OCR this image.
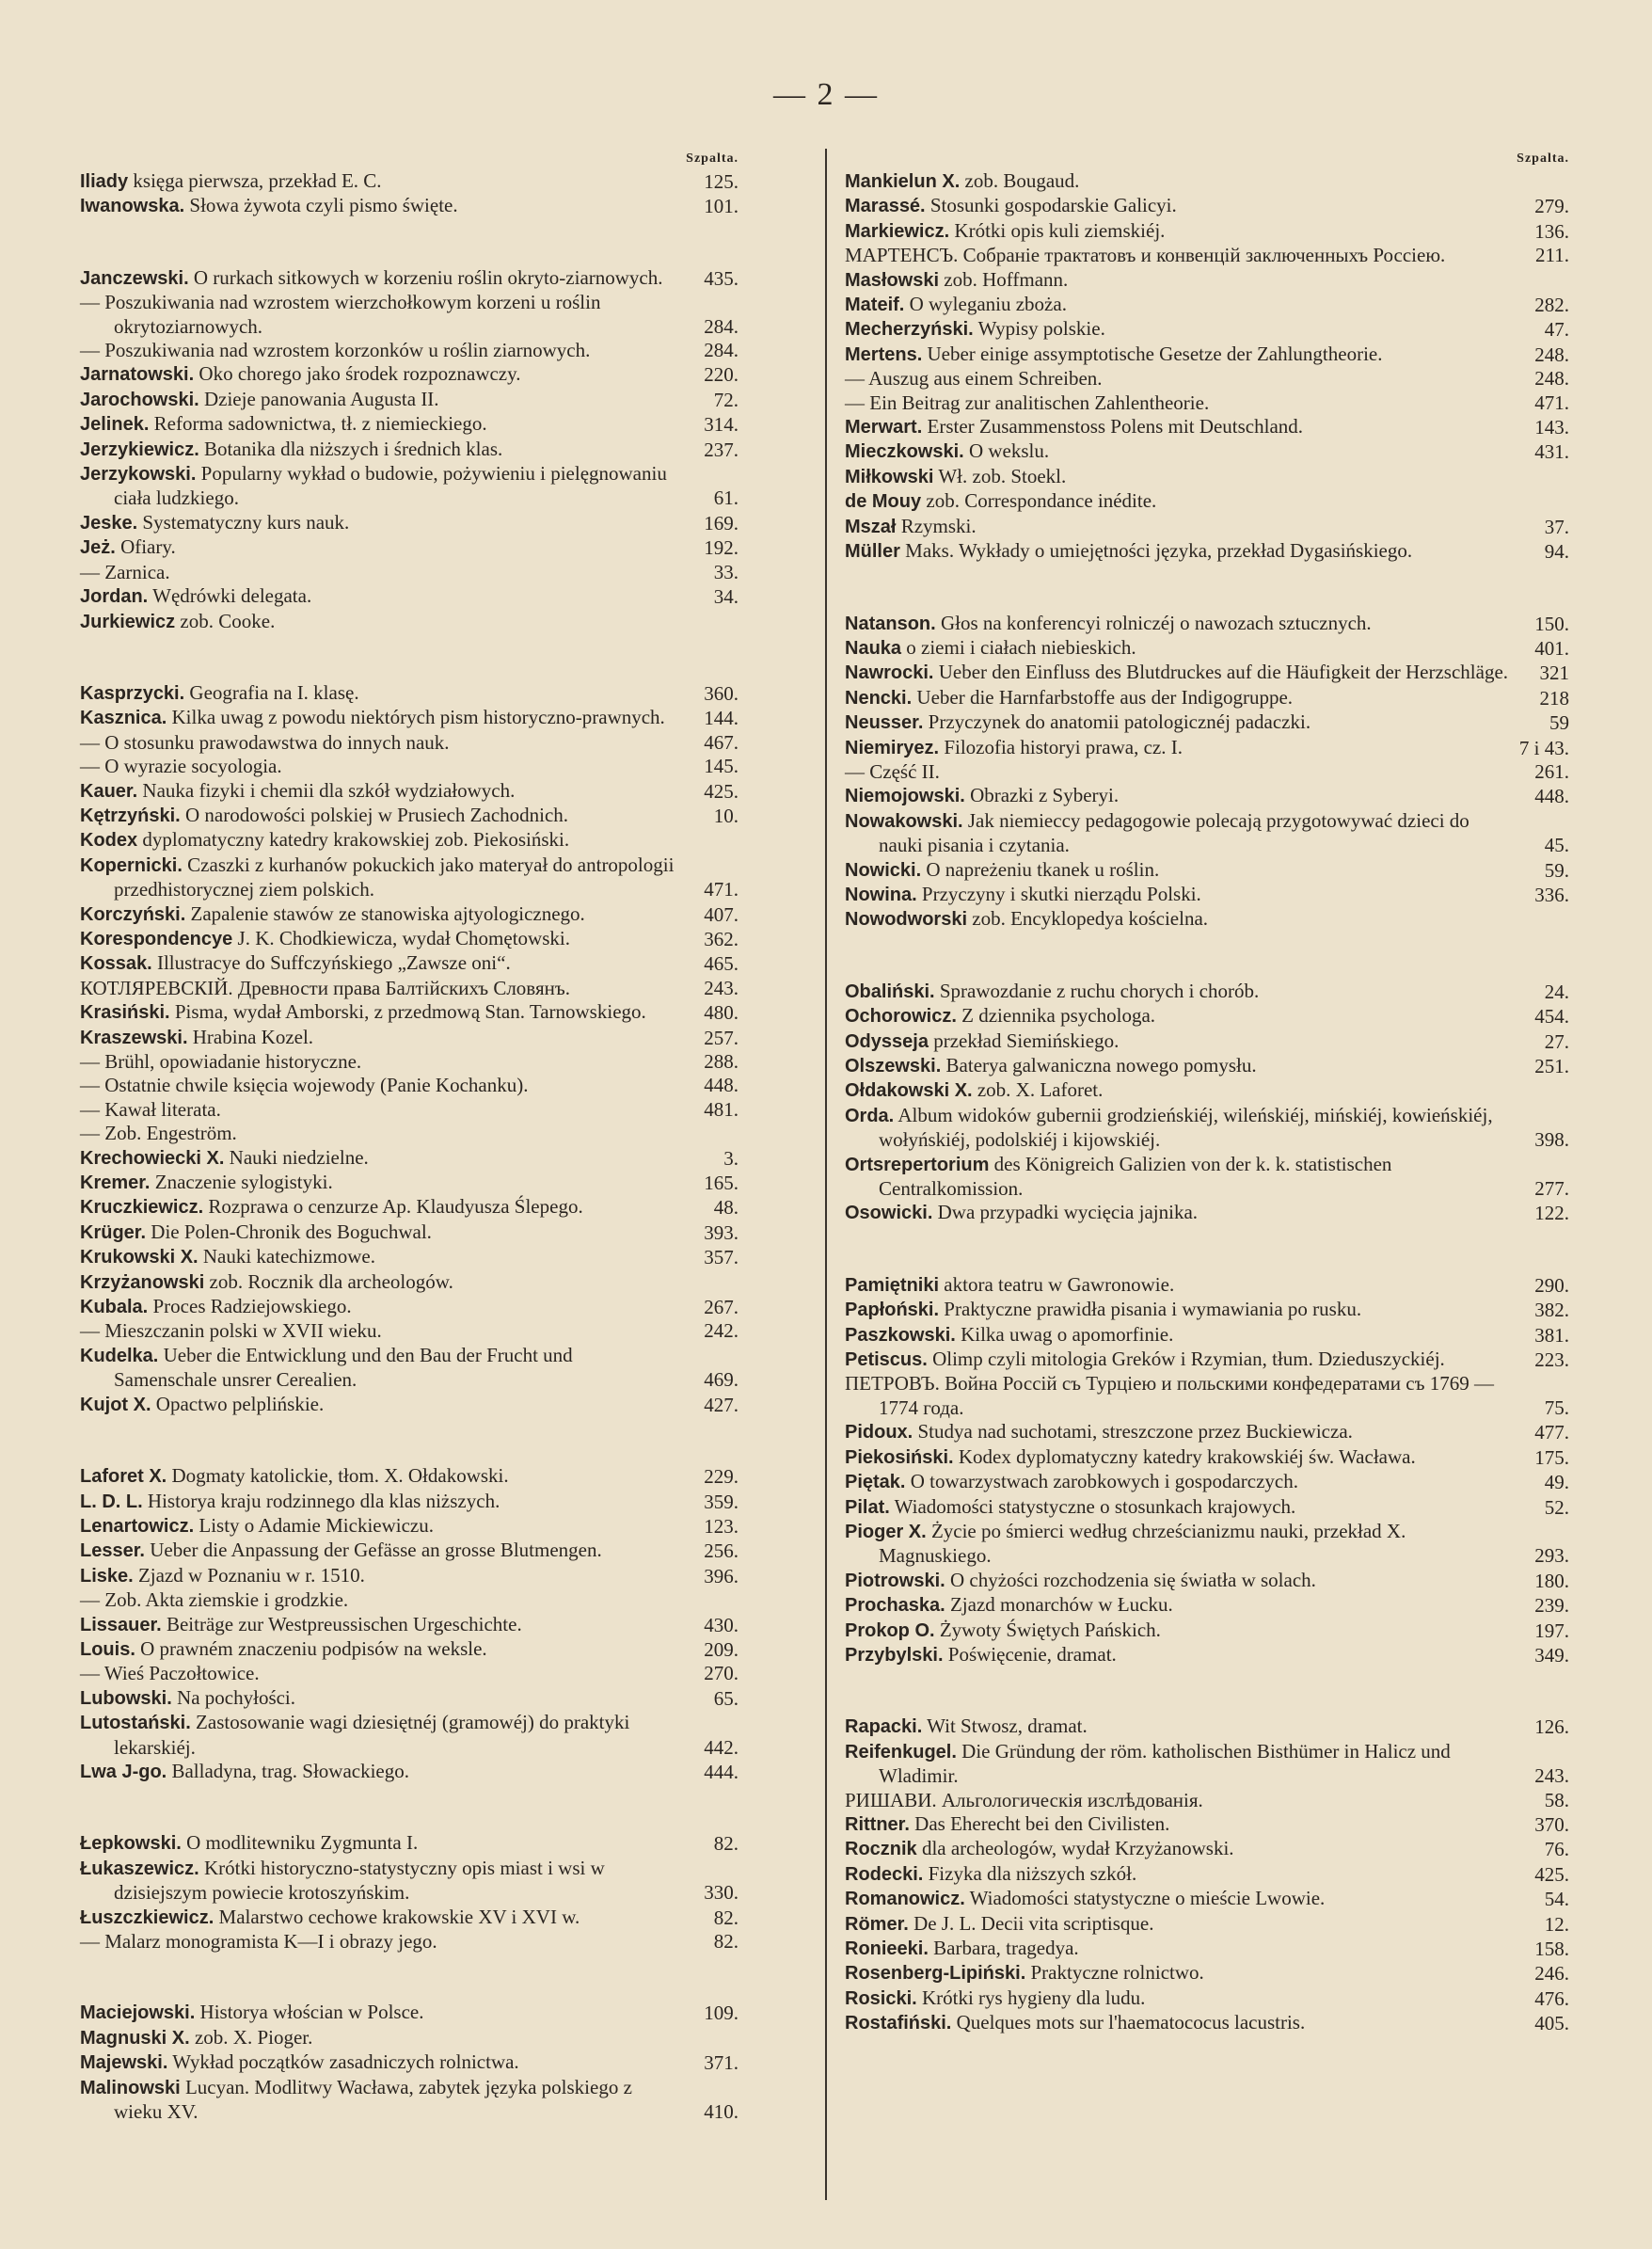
— 2 —
Szpalta.
Iliady księga pierwsza, przekład E. C.	125.
Iwanowska. Słowa żywota czyli pismo święte.	101.
Janczewski. O rurkach sitkowych w korzeniu roślin okryto-ziarnowych.	435.
— Poszukiwania nad wzrostem wierzchołkowym korzeni u roślin okrytoziarnowych.	284.
— Poszukiwania nad wzrostem korzonków u roślin ziarnowych.	284.
Jarnatowski. Oko chorego jako środek rozpoznawczy.	220.
Jarochowski. Dzieje panowania Augusta II.	72.
Jelinek. Reforma sadownictwa, tł. z niemieckiego.	314.
Jerzykiewicz. Botanika dla niższych i średnich klas.	237.
Jerzykowski. Popularny wykład o budowie, pożywieniu i pielęgnowaniu ciała ludzkiego.	61.
Jeske. Systematyczny kurs nauk.	169.
Jeż. Ofiary.	192.
— Zarnica.	33.
Jordan. Wędrówki delegata.	34.
Jurkiewicz zob. Cooke.
Kasprzycki. Geografia na I. klasę.	360.
Kasznica. Kilka uwag z powodu niektórych pism historyczno-prawnych.	144.
— O stosunku prawodawstwa do innych nauk.	467.
— O wyrazie socyologia.	145.
Kauer. Nauka fizyki i chemii dla szkół wydziałowych.	425.
Kętrzyński. O narodowości polskiej w Prusiech Zachodnich.	10.
Kodex dyplomatyczny katedry krakowskiej zob. Piekosiński.
Kopernicki. Czaszki z kurhanów pokuckich jako materyał do antropologii przedhistorycznej ziem polskich.	471.
Korczyński. Zapalenie stawów ze stanowiska ajtyologicznego.	407.
Korespondencye J. K. Chodkiewicza, wydał Chomętowski.	362.
Kossak. Illustracye do Suffczyńskiego „Zawsze oni“.	465.
КОТЛЯРЕВСКІЙ. Древности права Балтійскихъ Словянъ.	243.
Krasiński. Pisma, wydał Amborski, z przedmową Stan. Tarnowskiego.	480.
Kraszewski. Hrabina Kozel.	257.
— Brühl, opowiadanie historyczne.	288.
— Ostatnie chwile księcia wojewody (Panie Kochanku).	448.
— Kawał literata.	481.
— Zob. Engeström.
Krechowiecki X. Nauki niedzielne.	3.
Kremer. Znaczenie sylogistyki.	165.
Kruczkiewicz. Rozprawa o cenzurze Ap. Klaudyusza Ślepego.	48.
Krüger. Die Polen-Chronik des Boguchwal.	393.
Krukowski X. Nauki katechizmowe.	357.
Krzyżanowski zob. Rocznik dla archeologów.
Kubala. Proces Radziejowskiego.	267.
— Mieszczanin polski w XVII wieku.	242.
Kudelka. Ueber die Entwicklung und den Bau der Frucht und Samenschale unsrer Cerealien.	469.
Kujot X. Opactwo pelplińskie.	427.
Laforet X. Dogmaty katolickie, tłom. X. Ołdakowski.	229.
L. D. L. Historya kraju rodzinnego dla klas niższych.	359.
Lenartowicz. Listy o Adamie Mickiewiczu.	123.
Lesser. Ueber die Anpassung der Gefässe an grosse Blutmengen.	256.
Liske. Zjazd w Poznaniu w r. 1510.	396.
— Zob. Akta ziemskie i grodzkie.
Lissauer. Beiträge zur Westpreussischen Urgeschichte.	430.
Louis. O prawném znaczeniu podpisów na weksle.	209.
— Wieś Paczołtowice.	270.
Lubowski. Na pochyłości.	65.
Lutostański. Zastosowanie wagi dziesiętnéj (gramowéj) do praktyki lekarskiéj.	442.
Lwa J-go. Balladyna, trag. Słowackiego.	444.
Łepkowski. O modlitewniku Zygmunta I.	82.
Łukaszewicz. Krótki historyczno-statystyczny opis miast i wsi w dzisiejszym powiecie krotoszyńskim.	330.
Łuszczkiewicz. Malarstwo cechowe krakowskie XV i XVI w.	82.
— Malarz monogramista K—I i obrazy jego.	82.
Maciejowski. Historya włościan w Polsce.	109.
Magnuski X. zob. X. Pioger.
Majewski. Wykład początków zasadniczych rolnictwa.	371.
Malinowski Lucyan. Modlitwy Wacława, zabytek języka polskiego z wieku XV.	410.
Szpalta.
Mankielun X. zob. Bougaud.
Marassé. Stosunki gospodarskie Galicyi.	279.
Markiewicz. Krótki opis kuli ziemskiéj.	136.
МАРТЕНСЪ. Собраніе трактатовъ и конвенцій заключенныхъ Россіею.	211.
Masłowski zob. Hoffmann.
Mateif. O wyleganiu zboża.	282.
Mecherzyński. Wypisy polskie.	47.
Mertens. Ueber einige assymptotische Gesetze der Zahlungtheorie.	248.
— Auszug aus einem Schreiben.	248.
— Ein Beitrag zur analitischen Zahlentheorie.	471.
Merwart. Erster Zusammenstoss Polens mit Deutschland.	143.
Mieczkowski. O wekslu.	431.
Miłkowski Wł. zob. Stoekl.
de Mouy zob. Correspondance inédite.
Mszał Rzymski.	37.
Müller Maks. Wykłady o umiejętności języka, przekład Dygasińskiego.	94.
Natanson. Głos na konferencyi rolniczéj o nawozach sztucznych.	150.
Nauka o ziemi i ciałach niebieskich.	401.
Nawrocki. Ueber den Einfluss des Blutdruckes auf die Häufigkeit der Herzschläge.	321
Nencki. Ueber die Harnfarbstoffe aus der Indigogruppe.	218
Neusser. Przyczynek do anatomii patologicznéj padaczki.	59
Niemiryez. Filozofia historyi prawa, cz. I.	7 i 43.
— Część II.	261.
Niemojowski. Obrazki z Syberyi.	448.
Nowakowski. Jak niemieccy pedagogowie polecają przygotowywać dzieci do nauki pisania i czytania.	45.
Nowicki. O napreżeniu tkanek u roślin.	59.
Nowina. Przyczyny i skutki nierządu Polski.	336.
Nowodworski zob. Encyklopedya kościelna.
Obaliński. Sprawozdanie z ruchu chorych i chorób.	24.
Ochorowicz. Z dziennika psychologa.	454.
Odysseja przekład Siemińskiego.	27.
Olszewski. Baterya galwaniczna nowego pomysłu.	251.
Ołdakowski X. zob. X. Laforet.
Orda. Album widoków gubernii grodzieńskiéj, wileńskiéj, mińskiéj, kowieńskiéj, wołyńskiéj, podolskiéj i kijowskiéj.	398.
Ortsrepertorium des Königreich Galizien von der k. k. statistischen Centralkomission.	277.
Osowicki. Dwa przypadki wycięcia jajnika.	122.
Pamiętniki aktora teatru w Gawronowie.	290.
Papłoński. Praktyczne prawidła pisania i wymawiania po rusku.	382.
Paszkowski. Kilka uwag o apomorfinie.	381.
Petiscus. Olimp czyli mitologia Greków i Rzymian, tłum. Dzieduszyckiéj.	223.
ПЕТРОВЪ. Война Россій съ Турціею и польскими конфедератами съ 1769 — 1774 года.	75.
Pidoux. Studya nad suchotami, streszczone przez Buckiewicza.	477.
Piekosiński. Kodex dyplomatyczny katedry krakowskiéj św. Wacława.	175.
Piętak. O towarzystwach zarobkowych i gospodarczych.	49.
Pilat. Wiadomości statystyczne o stosunkach krajowych.	52.
Pioger X. Życie po śmierci według chrześcianizmu nauki, przekład X. Magnuskiego.	293.
Piotrowski. O chyżości rozchodzenia się światła w solach.	180.
Prochaska. Zjazd monarchów w Łucku.	239.
Prokop O. Żywoty Świętych Pańskich.	197.
Przybylski. Poświęcenie, dramat.	349.
Rapacki. Wit Stwosz, dramat.	126.
Reifenkugel. Die Gründung der röm. katholischen Bisthümer in Halicz und Wladimir.	243.
РИШАВИ. Альгологическія изслѣдованія.	58.
Rittner. Das Eherecht bei den Civilisten.	370.
Rocznik dla archeologów, wydał Krzyżanowski.	76.
Rodecki. Fizyka dla niższych szkół.	425.
Romanowicz. Wiadomości statystyczne o mieście Lwowie.	54.
Römer. De J. L. Decii vita scriptisque.	12.
Ronieeki. Barbara, tragedya.	158.
Rosenberg-Lipiński. Praktyczne rolnictwo.	246.
Rosicki. Krótki rys hygieny dla ludu.	476.
Rostafiński. Quelques mots sur l'haematococus lacustris.	405.
